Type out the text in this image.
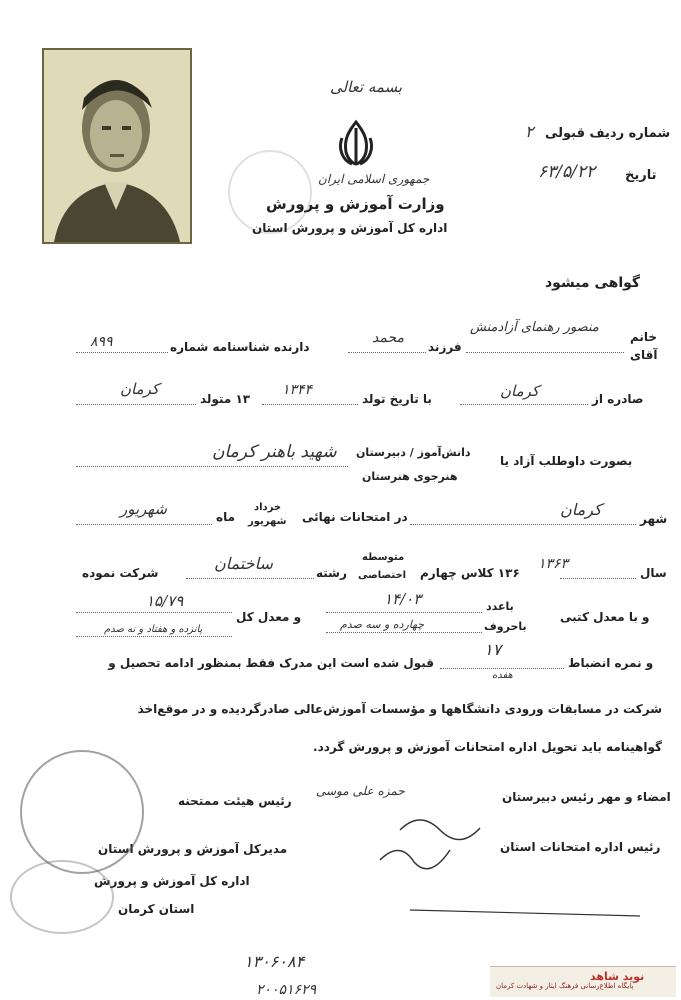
بسمه تعالی
جمهوری اسلامی ایران
وزارت آموزش و پرورش
اداره کل آموزش و پرورش استان
شماره ردیف قبولی
۲
تاریخ
۶۳/۵/۲۲
گواهی میشود
خانم
آقای
منصور رهنمای آزادمنش
فرزند
محمد
دارنده شناسنامه شماره
۸۹۹
صادره از
کرمان
با تاریخ تولد
۱۳۴۴
۱۳ متولد
کرمان
بصورت داوطلب آزاد یا
دانش‌آموز / دبیرستان
هنرجوی هنرستان
شهید باهنر کرمان
شهر
کرمان
در امتحانات نهائی
خرداد
شهریور
ماه
شهریور
سال
۱۳۶۳
۱۳۶ کلاس چهارم
متوسطه
اختصاصی
رشته
ساختمان
شرکت نموده
و با معدل کتبی
باعدد
باحروف
۱۴/۰۳
چهارده و سه صدم
و معدل کل
۱۵/۷۹
پانزده و هفتاد و نه صدم
و نمره انضباط
۱۷
هفده
قبول شده است این مدرک فقط بمنظور ادامه تحصیل و
شرکت در مسابقات ورودی دانشگاهها و مؤسسات آموزش‌عالی صادرگردیده و در موقع‌اخذ
گواهینامه باید تحویل اداره امتحانات آموزش و پرورش گردد.
امضاء و مهر رئیس دبیرستان
حمزه علی موسی
رئیس هیئت ممتحنه
مدیرکل آموزش و پرورش استان	رئیس اداره امتحانات استان
اداره کل آموزش و پرورش
استان کرمان
۱۳۰۶۰۸۴
۲۰۰۵۱۶۲۹
نوید شاهد
پایگاه اطلاع‌رسانی فرهنگ ایثار و شهادت کرمان
